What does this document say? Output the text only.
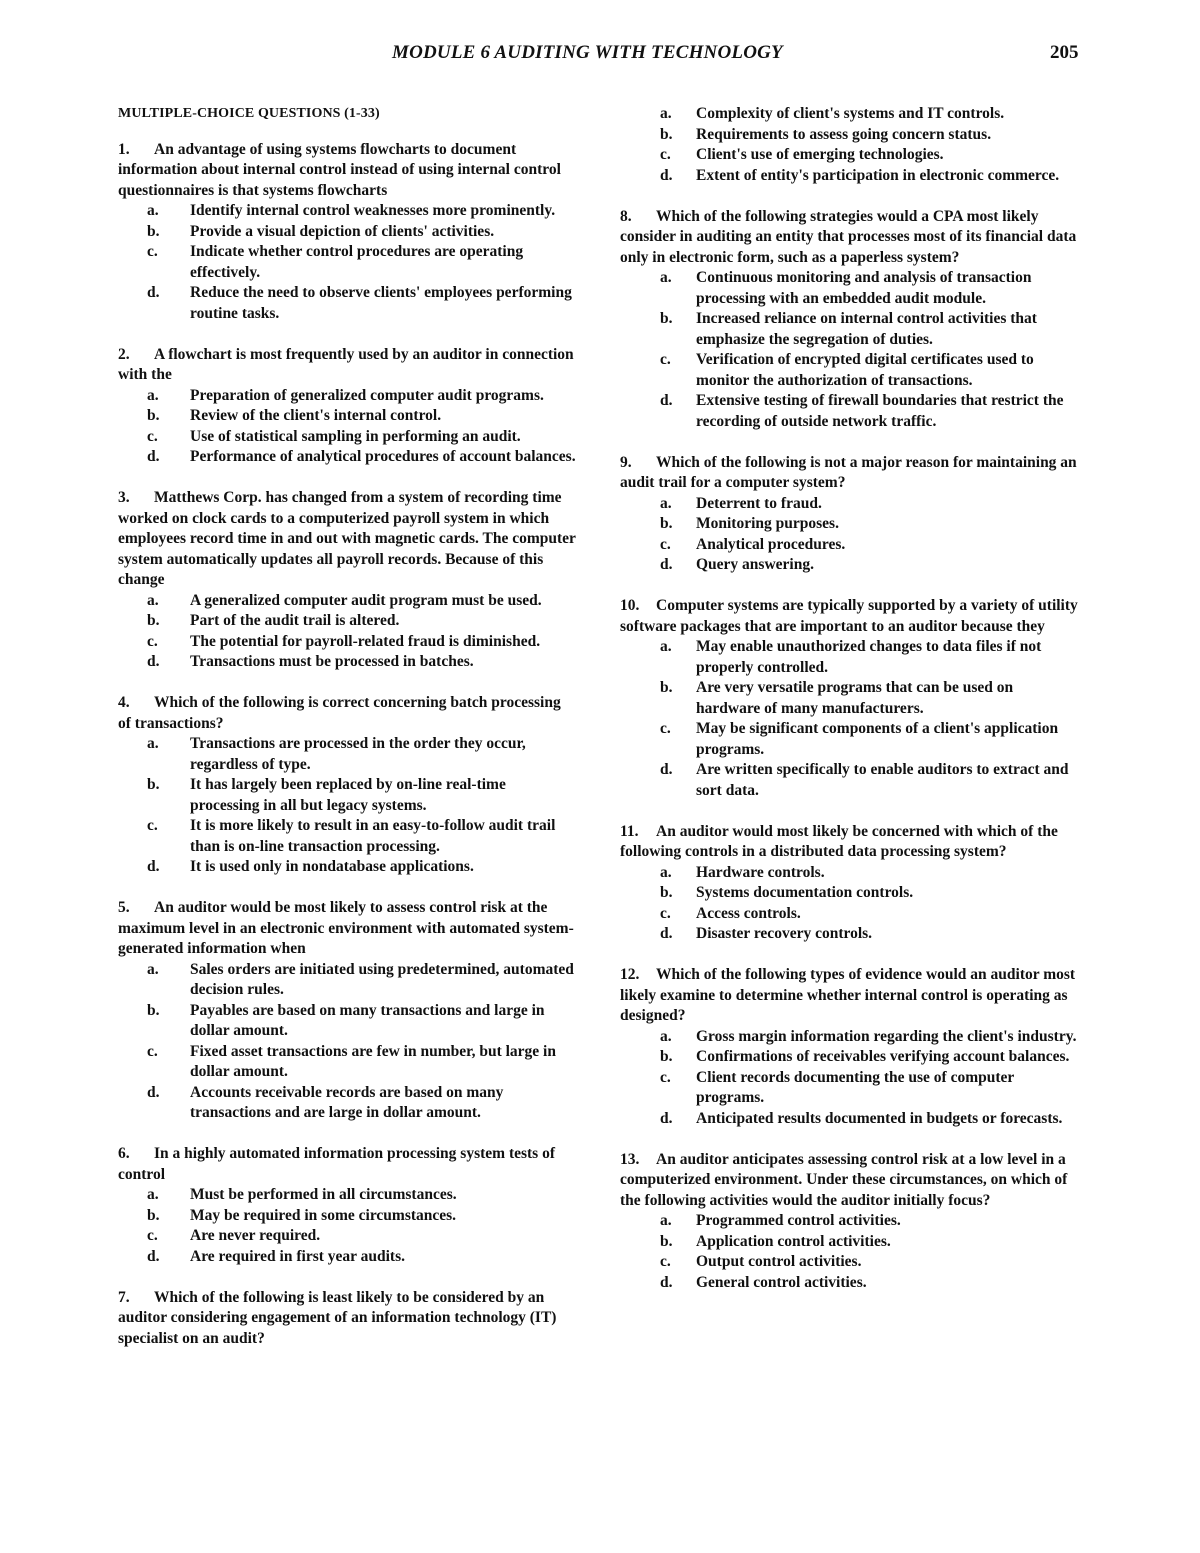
MODULE 6 AUDITING WITH TECHNOLOGY	205
MULTIPLE-CHOICE QUESTIONS (1-33)
1. An advantage of using systems flowcharts to document information about internal control instead of using internal control questionnaires is that systems flowcharts
a.	Identify internal control weaknesses more prominently.
b.	Provide a visual depiction of clients' activities.
c.	Indicate whether control procedures are operating effectively.
d.	Reduce the need to observe clients' employees performing routine tasks.
2. A flowchart is most frequently used by an auditor in connection with the
a.	Preparation of generalized computer audit programs.
b.	Review of the client's internal control.
c.	Use of statistical sampling in performing an audit.
d.	Performance of analytical procedures of account balances.
3. Matthews Corp. has changed from a system of recording time worked on clock cards to a computerized payroll system in which employees record time in and out with magnetic cards. The computer system automatically updates all payroll records. Because of this change
a.	A generalized computer audit program must be used.
b.	Part of the audit trail is altered.
c.	The potential for payroll-related fraud is diminished.
d.	Transactions must be processed in batches.
4. Which of the following is correct concerning batch processing of transactions?
a.	Transactions are processed in the order they occur, regardless of type.
b.	It has largely been replaced by on-line real-time processing in all but legacy systems.
c.	It is more likely to result in an easy-to-follow audit trail than is on-line transaction processing.
d.	It is used only in nondatabase applications.
5. An auditor would be most likely to assess control risk at the maximum level in an electronic environment with automated system-generated information when
a.	Sales orders are initiated using predetermined, automated decision rules.
b.	Payables are based on many transactions and large in dollar amount.
c.	Fixed asset transactions are few in number, but large in dollar amount.
d.	Accounts receivable records are based on many transactions and are large in dollar amount.
6. In a highly automated information processing system tests of control
a.	Must be performed in all circumstances.
b.	May be required in some circumstances.
c.	Are never required.
d.	Are required in first year audits.
7. Which of the following is least likely to be considered by an auditor considering engagement of an information technology (IT) specialist on an audit?
a.	Complexity of client's systems and IT controls.
b.	Requirements to assess going concern status.
c.	Client's use of emerging technologies.
d.	Extent of entity's participation in electronic commerce.
8. Which of the following strategies would a CPA most likely consider in auditing an entity that processes most of its financial data only in electronic form, such as a paperless system?
a.	Continuous monitoring and analysis of transaction processing with an embedded audit module.
b.	Increased reliance on internal control activities that emphasize the segregation of duties.
c.	Verification of encrypted digital certificates used to monitor the authorization of transactions.
d.	Extensive testing of firewall boundaries that restrict the recording of outside network traffic.
9. Which of the following is not a major reason for maintaining an audit trail for a computer system?
a.	Deterrent to fraud.
b.	Monitoring purposes.
c.	Analytical procedures.
d.	Query answering.
10. Computer systems are typically supported by a variety of utility software packages that are important to an auditor because they
a.	May enable unauthorized changes to data files if not properly controlled.
b.	Are very versatile programs that can be used on hardware of many manufacturers.
c.	May be significant components of a client's application programs.
d.	Are written specifically to enable auditors to extract and sort data.
11. An auditor would most likely be concerned with which of the following controls in a distributed data processing system?
a.	Hardware controls.
b.	Systems documentation controls.
c.	Access controls.
d.	Disaster recovery controls.
12. Which of the following types of evidence would an auditor most likely examine to determine whether internal control is operating as designed?
a.	Gross margin information regarding the client's industry.
b.	Confirmations of receivables verifying account balances.
c.	Client records documenting the use of computer programs.
d.	Anticipated results documented in budgets or forecasts.
13. An auditor anticipates assessing control risk at a low level in a computerized environment. Under these circumstances, on which of the following activities would the auditor initially focus?
a.	Programmed control activities.
b.	Application control activities.
c.	Output control activities.
d.	General control activities.
